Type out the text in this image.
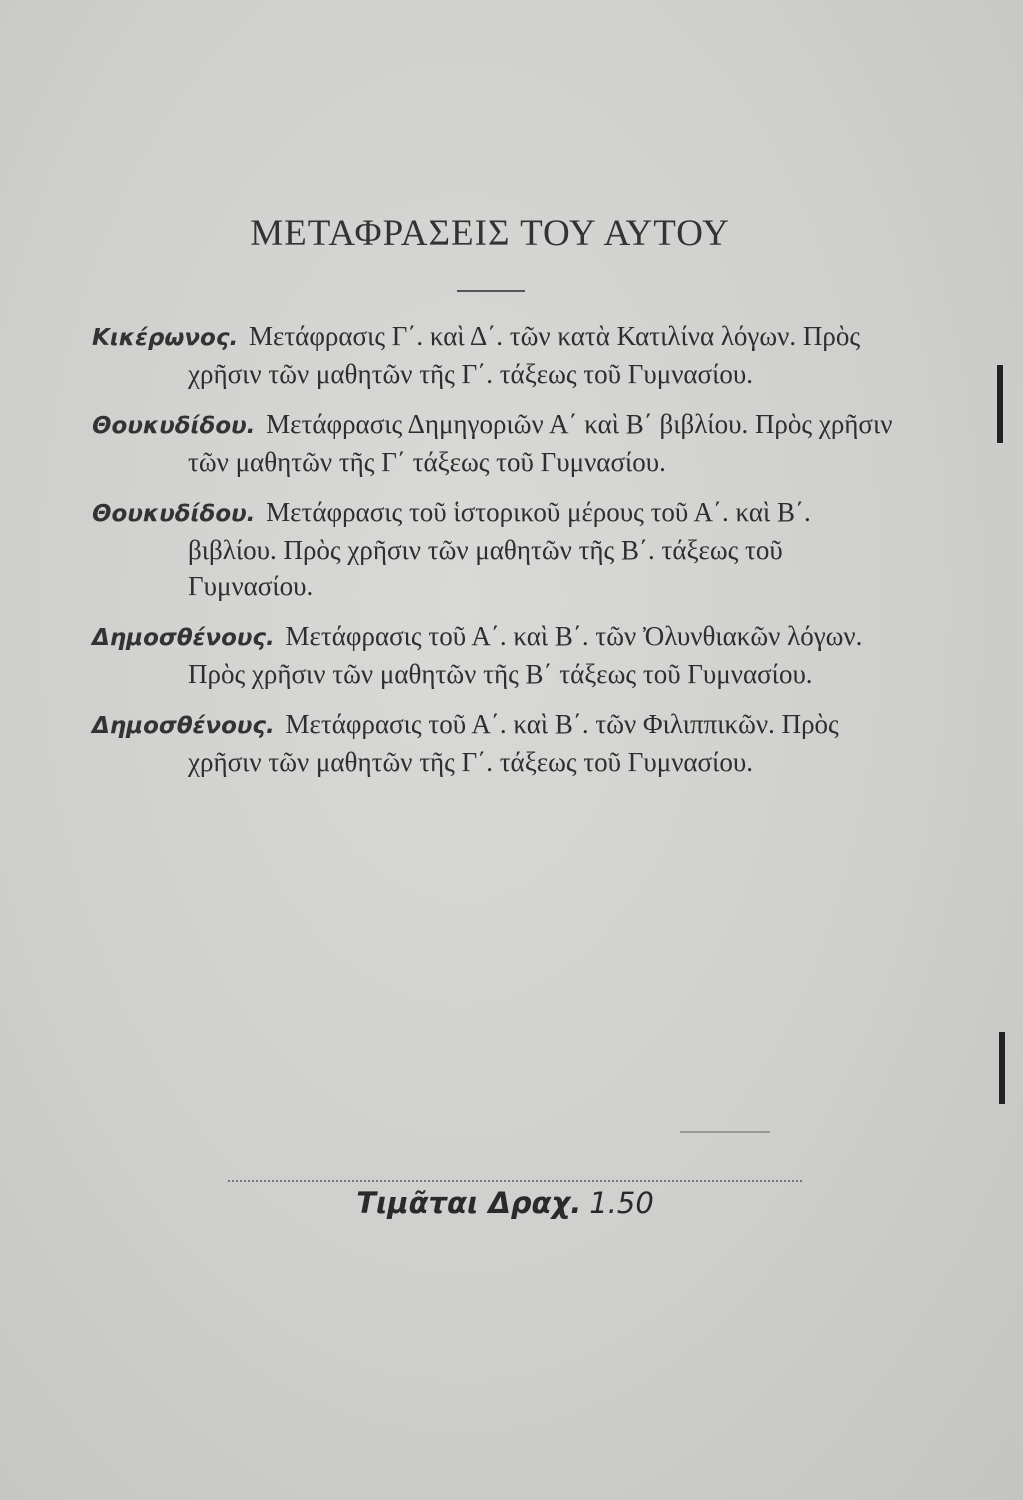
ΜΕΤΑΦΡΑΣΕΙΣ ΤΟΥ ΑΥΤΟΥ
Κικέρωνος. Μετάφρασις Γ΄. καὶ Δ΄. τῶν κατὰ Κατιλίνα λόγων. Πρὸς χρῆσιν τῶν μαθητῶν τῆς Γ΄. τάξεως τοῦ Γυμνασίου.
Θουκυδίδου. Μετάφρασις Δημηγοριῶν Α΄ καὶ Β΄ βιβλίου. Πρὸς χρῆσιν τῶν μαθητῶν τῆς Γ΄ τάξεως τοῦ Γυμνασίου.
Θουκυδίδου. Μετάφρασις τοῦ ἱστορικοῦ μέρους τοῦ Α΄. καὶ Β΄. βιβλίου. Πρὸς χρῆσιν τῶν μαθητῶν τῆς Β΄. τάξεως τοῦ Γυμνασίου.
Δημοσθένους. Μετάφρασις τοῦ Α΄. καὶ Β΄. τῶν Ὀλυνθιακῶν λόγων. Πρὸς χρῆσιν τῶν μαθητῶν τῆς Β΄ τάξεως τοῦ Γυμνασίου.
Δημοσθένους. Μετάφρασις τοῦ Α΄. καὶ Β΄. τῶν Φιλιππικῶν. Πρὸς χρῆσιν τῶν μαθητῶν τῆς Γ΄. τάξεως τοῦ Γυμνασίου.
Τιμᾶται Δραχ. 1.50
